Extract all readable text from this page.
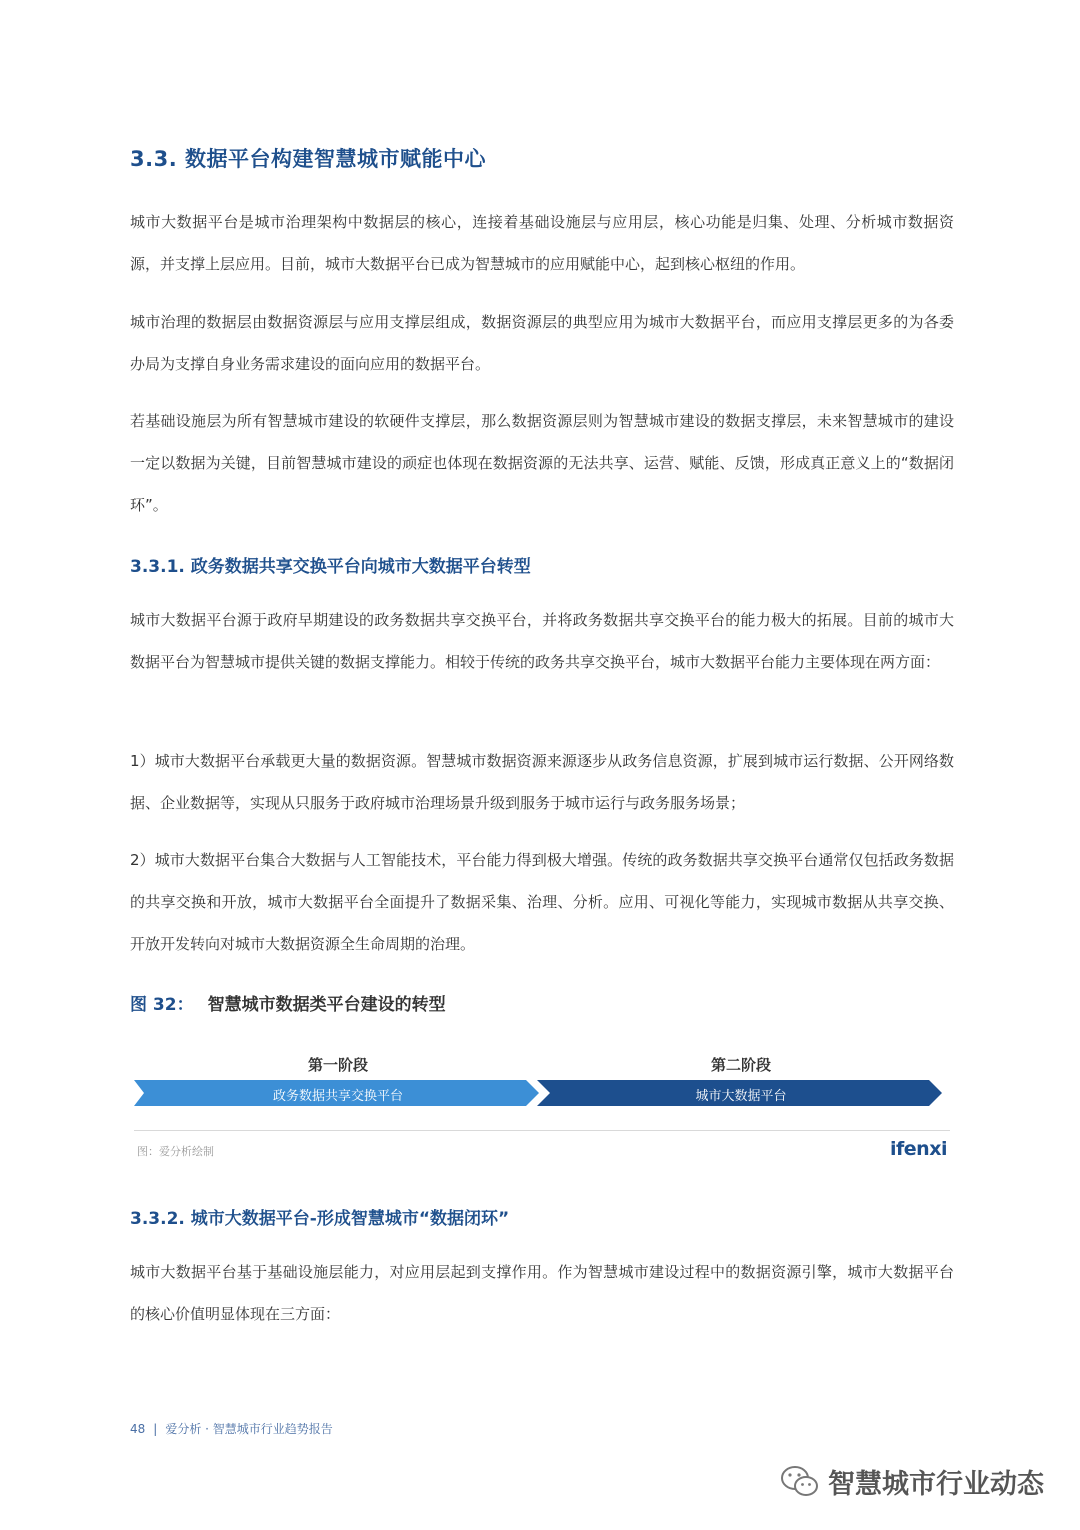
3.3. 数据平台构建智慧城市赋能中心

城市大数据平台是城市治理架构中数据层的核心，连接着基础设施层与应用层，核心功能是归集、处理、分析城市数据资源，并支撑上层应用。目前，城市大数据平台已成为智慧城市的应用赋能中心，起到核心枢纽的作用。

城市治理的数据层由数据资源层与应用支撑层组成，数据资源层的典型应用为城市大数据平台，而应用支撑层更多的为各委办局为支撑自身业务需求建设的面向应用的数据平台。

若基础设施层为所有智慧城市建设的软硬件支撑层，那么数据资源层则为智慧城市建设的数据支撑层，未来智慧城市的建设一定以数据为关键，目前智慧城市建设的顽症也体现在数据资源的无法共享、运营、赋能、反馈，形成真正意义上的“数据闭环”。

3.3.1. 政务数据共享交换平台向城市大数据平台转型

城市大数据平台源于政府早期建设的政务数据共享交换平台，并将政务数据共享交换平台的能力极大的拓展。目前的城市大数据平台为智慧城市提供关键的数据支撑能力。相较于传统的政务共享交换平台，城市大数据平台能力主要体现在两方面：

1）城市大数据平台承载更大量的数据资源。智慧城市数据资源来源逐步从政务信息资源，扩展到城市运行数据、公开网络数据、企业数据等，实现从只服务于政府城市治理场景升级到服务于城市运行与政务服务场景；

2）城市大数据平台集合大数据与人工智能技术，平台能力得到极大增强。传统的政务数据共享交换平台通常仅包括政务数据的共享交换和开放，城市大数据平台全面提升了数据采集、治理、分析。应用、可视化等能力，实现城市数据从共享交换、开放开发转向对城市大数据资源全生命周期的治理。

图 32： 智慧城市数据类平台建设的转型
第一阶段	第二阶段
政务数据共享交换平台	城市大数据平台
图：爱分析绘制	ifenxi
3.3.2. 城市大数据平台-形成智慧城市“数据闭环”

城市大数据平台基于基础设施层能力，对应用层起到支撑作用。作为智慧城市建设过程中的数据资源引擎，城市大数据平台的核心价值明显体现在三方面：

48 | 爱分析 · 智慧城市行业趋势报告
智慧城市行业动态
